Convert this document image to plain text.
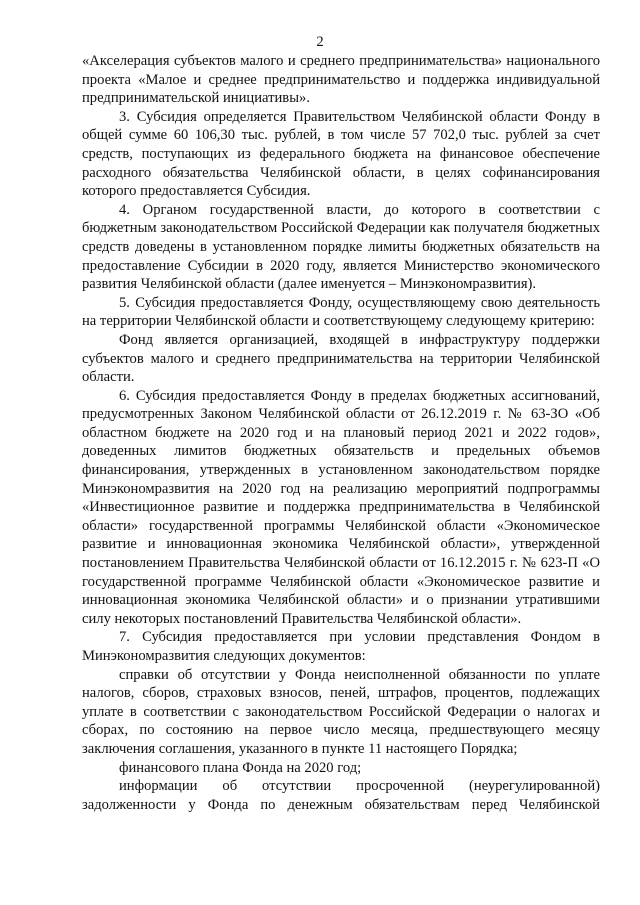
2

«Акселерация субъектов малого и среднего предпринимательства» национального проекта «Малое и среднее предпринимательство и поддержка индивидуальной предпринимательской инициативы».

3. Субсидия определяется Правительством Челябинской области Фонду в общей сумме 60 106,30 тыс. рублей, в том числе 57 702,0 тыс. рублей за счет средств, поступающих из федерального бюджета на финансовое обеспечение расходного обязательства Челябинской области, в целях софинансирования которого предоставляется Субсидия.

4. Органом государственной власти, до которого в соответствии с бюджетным законодательством Российской Федерации как получателя бюджетных средств доведены в установленном порядке лимиты бюджетных обязательств на предоставление Субсидии в 2020 году, является Министерство экономического развития Челябинской области (далее именуется – Минэкономразвития).

5. Субсидия предоставляется Фонду, осуществляющему свою деятельность на территории Челябинской области и соответствующему следующему критерию:

Фонд является организацией, входящей в инфраструктуру поддержки субъектов малого и среднего предпринимательства на территории Челябинской области.

6. Субсидия предоставляется Фонду в пределах бюджетных ассигнований, предусмотренных Законом Челябинской области от 26.12.2019 г. № 63-ЗО «Об областном бюджете на 2020 год и на плановый период 2021 и 2022 годов», доведенных лимитов бюджетных обязательств и предельных объемов финансирования, утвержденных в установленном законодательством порядке Минэкономразвития на 2020 год на реализацию мероприятий подпрограммы «Инвестиционное развитие и поддержка предпринимательства в Челябинской области» государственной программы Челябинской области «Экономическое развитие и инновационная экономика Челябинской области», утвержденной постановлением Правительства Челябинской области от 16.12.2015 г. № 623-П «О государственной программе Челябинской области «Экономическое развитие и инновационная экономика Челябинской области» и о признании утратившими силу некоторых постановлений Правительства Челябинской области».

7. Субсидия предоставляется при условии представления Фондом в Минэкономразвития следующих документов:

справки об отсутствии у Фонда неисполненной обязанности по уплате налогов, сборов, страховых взносов, пеней, штрафов, процентов, подлежащих уплате в соответствии с законодательством Российской Федерации о налогах и сборах, по состоянию на первое число месяца, предшествующего месяцу заключения соглашения, указанного в пункте 11 настоящего Порядка;

финансового плана Фонда на 2020 год;

информации об отсутствии просроченной (неурегулированной) задолженности у Фонда по денежным обязательствам перед Челябинской
